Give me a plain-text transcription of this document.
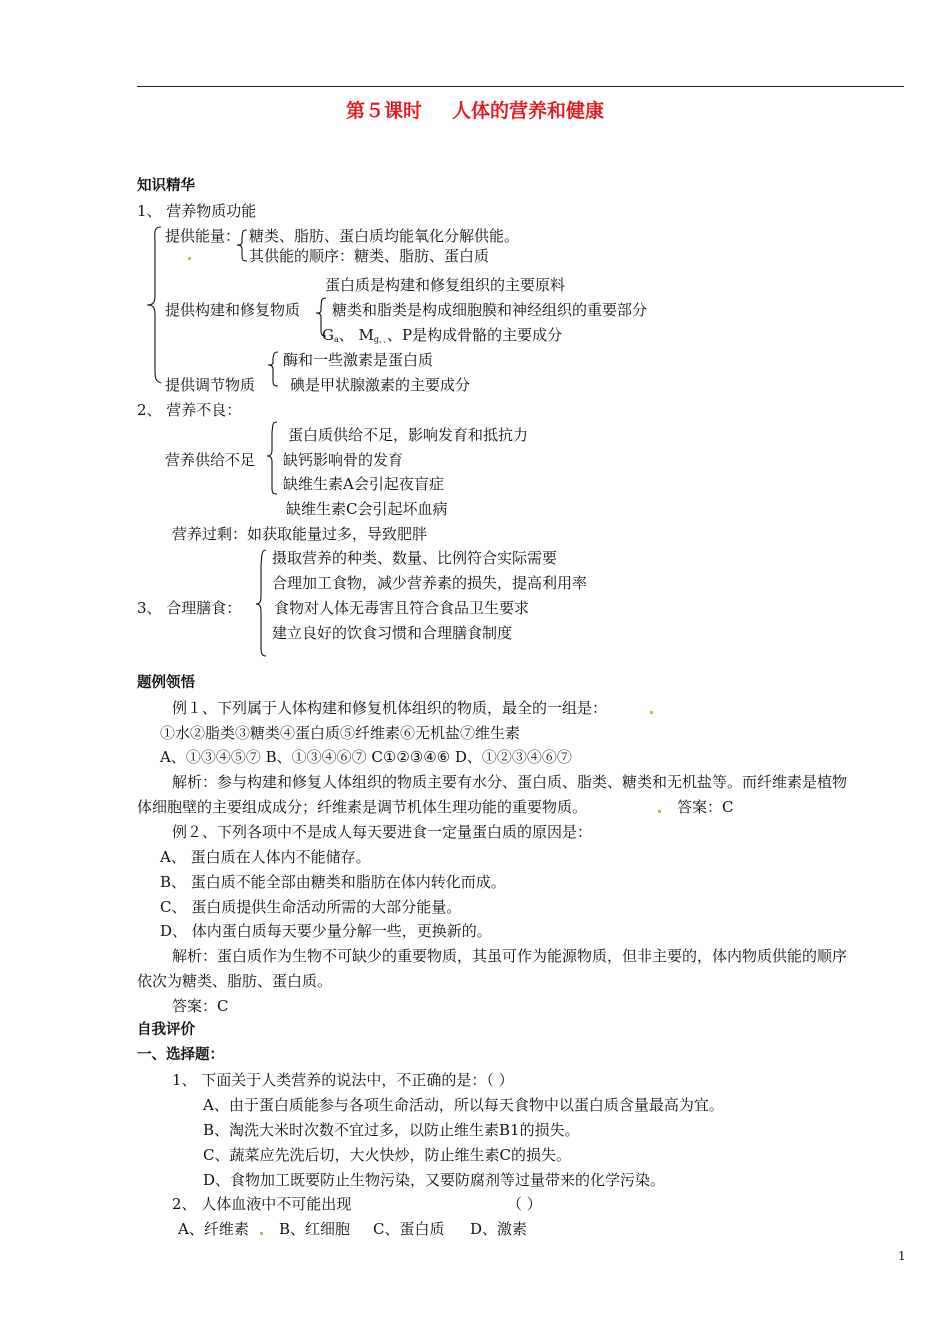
第５课时 人体的营养和健康
知识精华
1、 营养物质功能
提供能量： 糖类、脂肪、蛋白质均能氧化分解供能。
其供能的顺序：糖类、脂肪、蛋白质
蛋白质是构建和修复组织的主要原料
提供构建和修复物质 糖类和脂类是构成细胞膜和神经组织的重要部分
$G_a$、 $M_{g、、}$、P是构成骨骼的主要成分
酶和一些激素是蛋白质
提供调节物质 碘是甲状腺激素的主要成分
2、 营养不良：
蛋白质供给不足，影响发育和抵抗力
营养供给不足 缺钙影响骨的发育
缺维生素A会引起夜盲症
缺维生素C会引起坏血病
营养过剩：如获取能量过多，导致肥胖
摄取营养的种类、数量、比例符合实际需要
合理加工食物，减少营养素的损失，提高利用率
3、 合理膳食： 食物对人体无毒害且符合食品卫生要求
建立良好的饮食习惯和合理膳食制度
题例领悟
例１、下列属于人体构建和修复机体组织的物质，最全的一组是：
①水②脂类③糖类④蛋白质⑤纤维素⑥无机盐⑦维生素
A、①③④⑤⑦ B、①③④⑥⑦ C①②③④⑥ D、①②③④⑥⑦
解析：参与构建和修复人体组织的物质主要有水分、蛋白质、脂类、糖类和无机盐等。而纤维素是植物
体细胞壁的主要组成成分；纤维素是调节机体生理功能的重要物质。	答案：C
例２、下列各项中不是成人每天要进食一定量蛋白质的原因是：
A、 蛋白质在人体内不能储存。
B、 蛋白质不能全部由糖类和脂肪在体内转化而成。
C、 蛋白质提供生命活动所需的大部分能量。
D、 体内蛋白质每天要少量分解一些，更换新的。
解析：蛋白质作为生物不可缺少的重要物质，其虽可作为能源物质，但非主要的，体内物质供能的顺序
依次为糖类、脂肪、蛋白质。
答案：C
自我评价
一、选择题：
1、 下面关于人类营养的说法中，不正确的是：（ ）
A、由于蛋白质能参与各项生命活动，所以每天食物中以蛋白质含量最高为宜。
B、淘洗大米时次数不宜过多，以防止维生素B1的损失。
C、蔬菜应先洗后切，大火快炒，防止维生素C的损失。
D、食物加工既要防止生物污染，又要防腐剂等过量带来的化学污染。
2、 人体血液中不可能出现	（ ）
A、纤维素 B、红细胞 C、蛋白质 D、激素
1
